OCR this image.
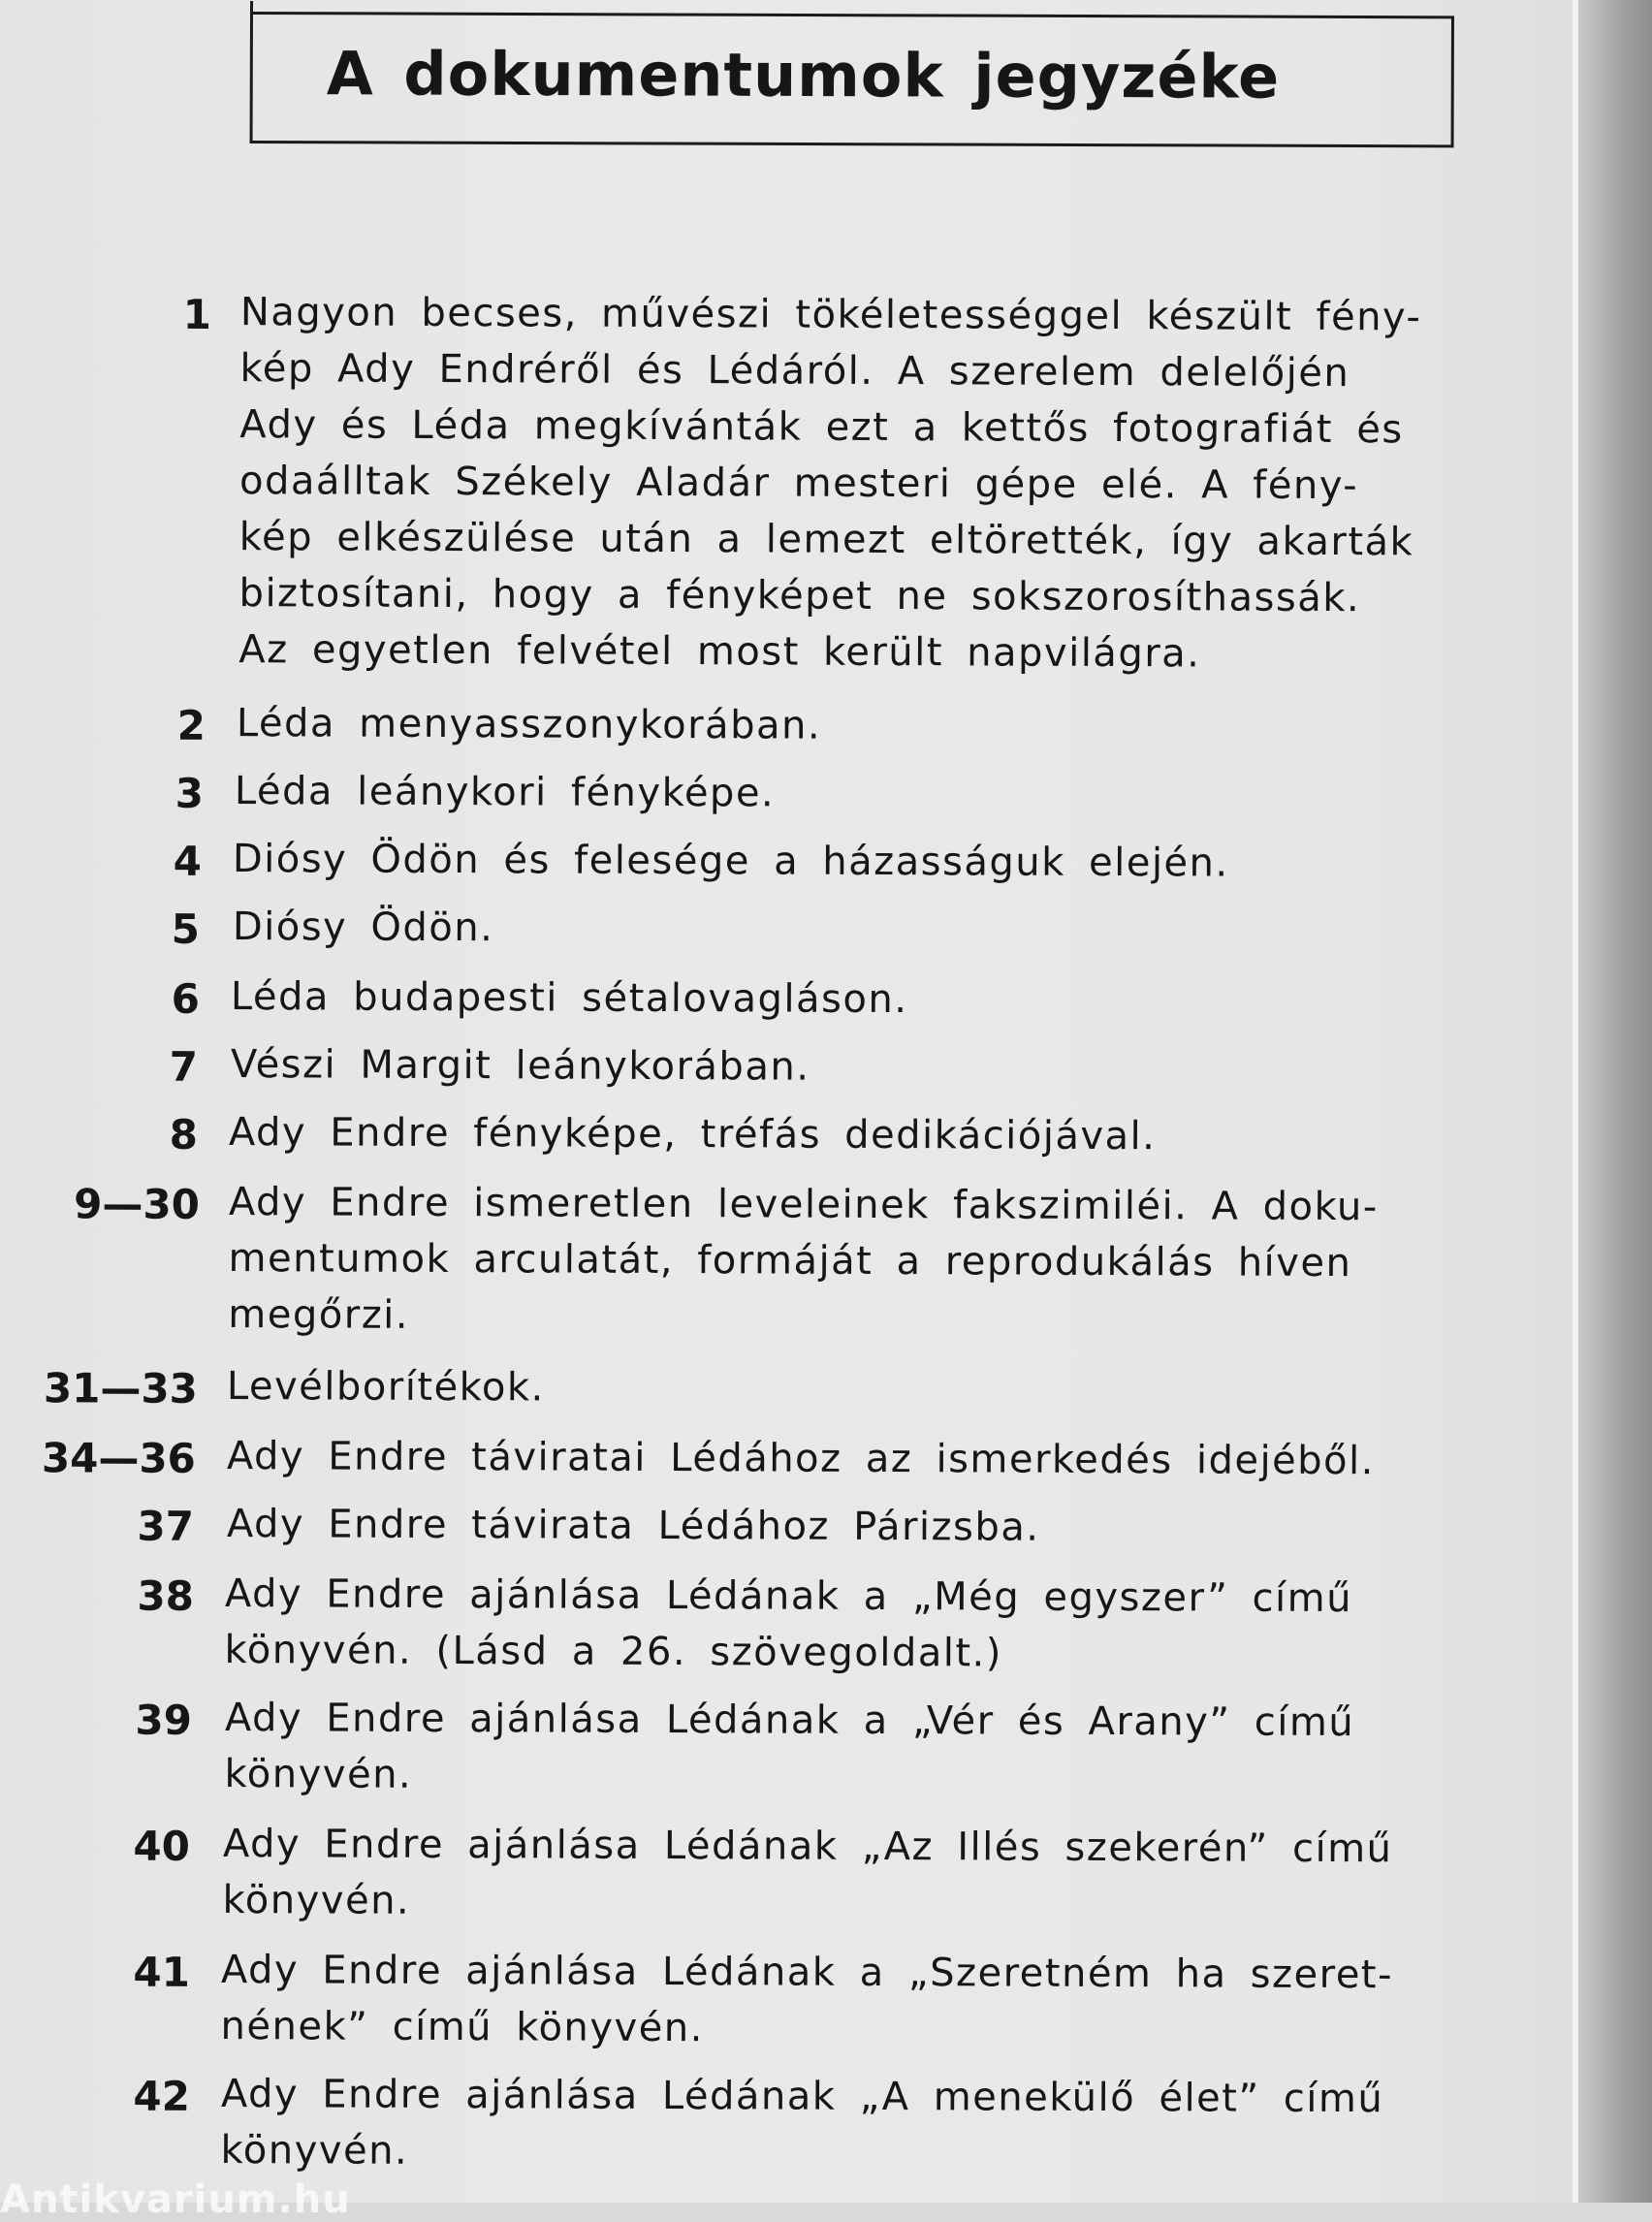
A dokumentumok jegyzéke
1 Nagyon becses, művészi tökéletességgel készült fény-
kép Ady Endréről és Lédáról. A szerelem delelőjén
Ady és Léda megkívánták ezt a kettős fotografiát és
odaálltak Székely Aladár mesteri gépe elé. A fény-
kép elkészülése után a lemezt eltörették, így akarták
biztosítani, hogy a fényképet ne sokszorosíthassák.
Az egyetlen felvétel most került napvilágra.
2 Léda menyasszonykorában.
3 Léda leánykori fényképe.
4 Diósy Ödön és felesége a házasságuk elején.
5 Diósy Ödön.
6 Léda budapesti sétalovagláson.
7 Vészi Margit leánykorában.
8 Ady Endre fényképe, tréfás dedikációjával.
9—30 Ady Endre ismeretlen leveleinek fakszimiléi. A doku-
mentumok arculatát, formáját a reprodukálás híven
megőrzi.
31—33 Levélborítékok.
34—36 Ady Endre táviratai Lédához az ismerkedés idejéből.
37 Ady Endre távirata Lédához Párizsba.
38 Ady Endre ajánlása Lédának a „Még egyszer” című
könyvén. (Lásd a 26. szövegoldalt.)
39 Ady Endre ajánlása Lédának a „Vér és Arany” című
könyvén.
40 Ady Endre ajánlása Lédának „Az Illés szekerén” című
könyvén.
41 Ady Endre ajánlása Lédának a „Szeretném ha szeret-
nének” című könyvén.
42 Ady Endre ajánlása Lédának „A menekülő élet” című
könyvén.
Antikvarium.hu
